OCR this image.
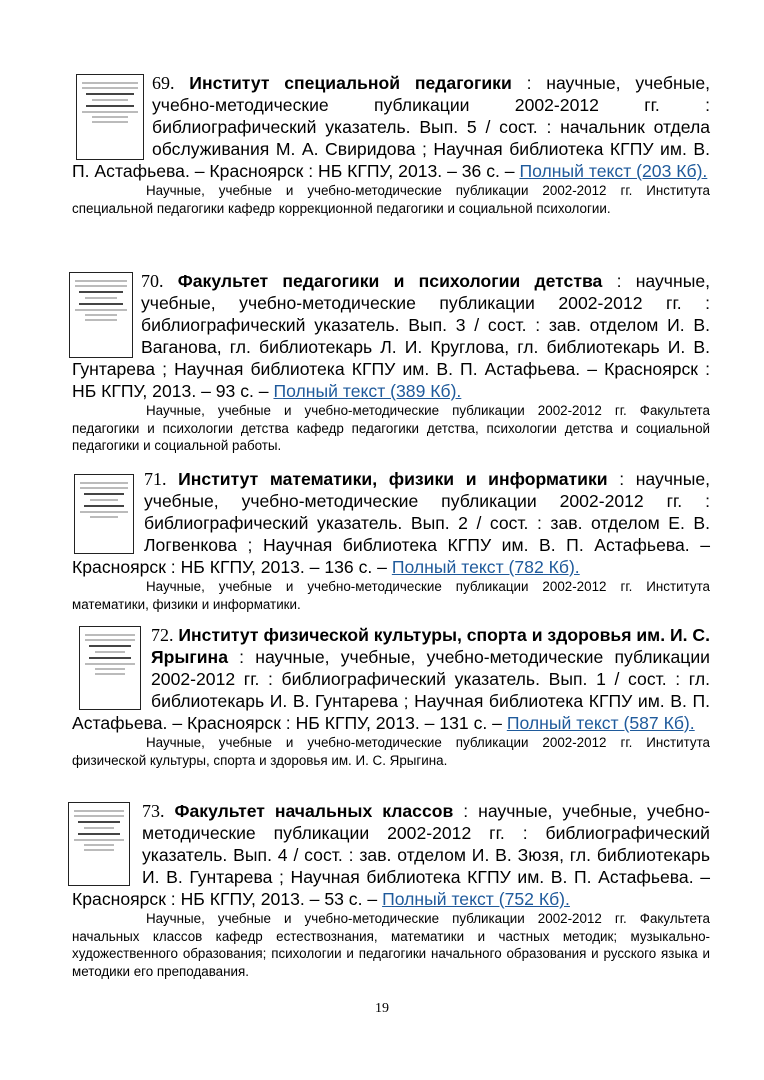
69. Институт специальной педагогики : научные, учебные, учебно-методические публикации 2002-2012 гг. : библиографический указатель. Вып. 5 / сост. : начальник отдела обслуживания М. А. Свиридова ; Научная библиотека КГПУ им. В. П. Астафьева. – Красноярск : НБ КГПУ, 2013. – 36 с. – Полный текст (203 Кб).

Научные, учебные и учебно-методические публикации 2002-2012 гг. Института специальной педагогики кафедр коррекционной педагогики и социальной психологии.

70. Факультет педагогики и психологии детства : научные, учебные, учебно-методические публикации 2002-2012 гг. : библиографический указатель. Вып. 3 / сост. : зав. отделом И. В. Ваганова, гл. библиотекарь Л. И. Круглова, гл. библиотекарь И. В. Гунтарева ; Научная библиотека КГПУ им. В. П. Астафьева. – Красноярск : НБ КГПУ, 2013. – 93 с. – Полный текст (389 Кб).

Научные, учебные и учебно-методические публикации 2002-2012 гг. Факультета педагогики и психологии детства кафедр педагогики детства, психологии детства и социальной педагогики и социальной работы.

71. Институт математики, физики и информатики : научные, учебные, учебно-методические публикации 2002-2012 гг. : библиографический указатель. Вып. 2 / сост. : зав. отделом Е. В. Логвенкова ; Научная библиотека КГПУ им. В. П. Астафьева. – Красноярск : НБ КГПУ, 2013. – 136 с. – Полный текст (782 Кб).

Научные, учебные и учебно-методические публикации 2002-2012 гг. Института математики, физики и информатики.

72. Институт физической культуры, спорта и здоровья им. И. С. Ярыгина : научные, учебные, учебно-методические публикации 2002-2012 гг. : библиографический указатель. Вып. 1 / сост. : гл. библиотекарь И. В. Гунтарева ; Научная библиотека КГПУ им. В. П. Астафьева. – Красноярск : НБ КГПУ, 2013. – 131 с. – Полный текст (587 Кб).

Научные, учебные и учебно-методические публикации 2002-2012 гг. Института физической культуры, спорта и здоровья им. И. С. Ярыгина.

73. Факультет начальных классов : научные, учебные, учебно-методические публикации 2002-2012 гг. : библиографический указатель. Вып. 4 / сост. : зав. отделом И. В. Зюзя, гл. библиотекарь И. В. Гунтарева ; Научная библиотека КГПУ им. В. П. Астафьева. – Красноярск : НБ КГПУ, 2013. – 53 с. – Полный текст (752 Кб).

Научные, учебные и учебно-методические публикации 2002-2012 гг. Факультета начальных классов кафедр естествознания, математики и частных методик; музыкально-художественного образования; психологии и педагогики начального образования и русского языка и методики его преподавания.

19
